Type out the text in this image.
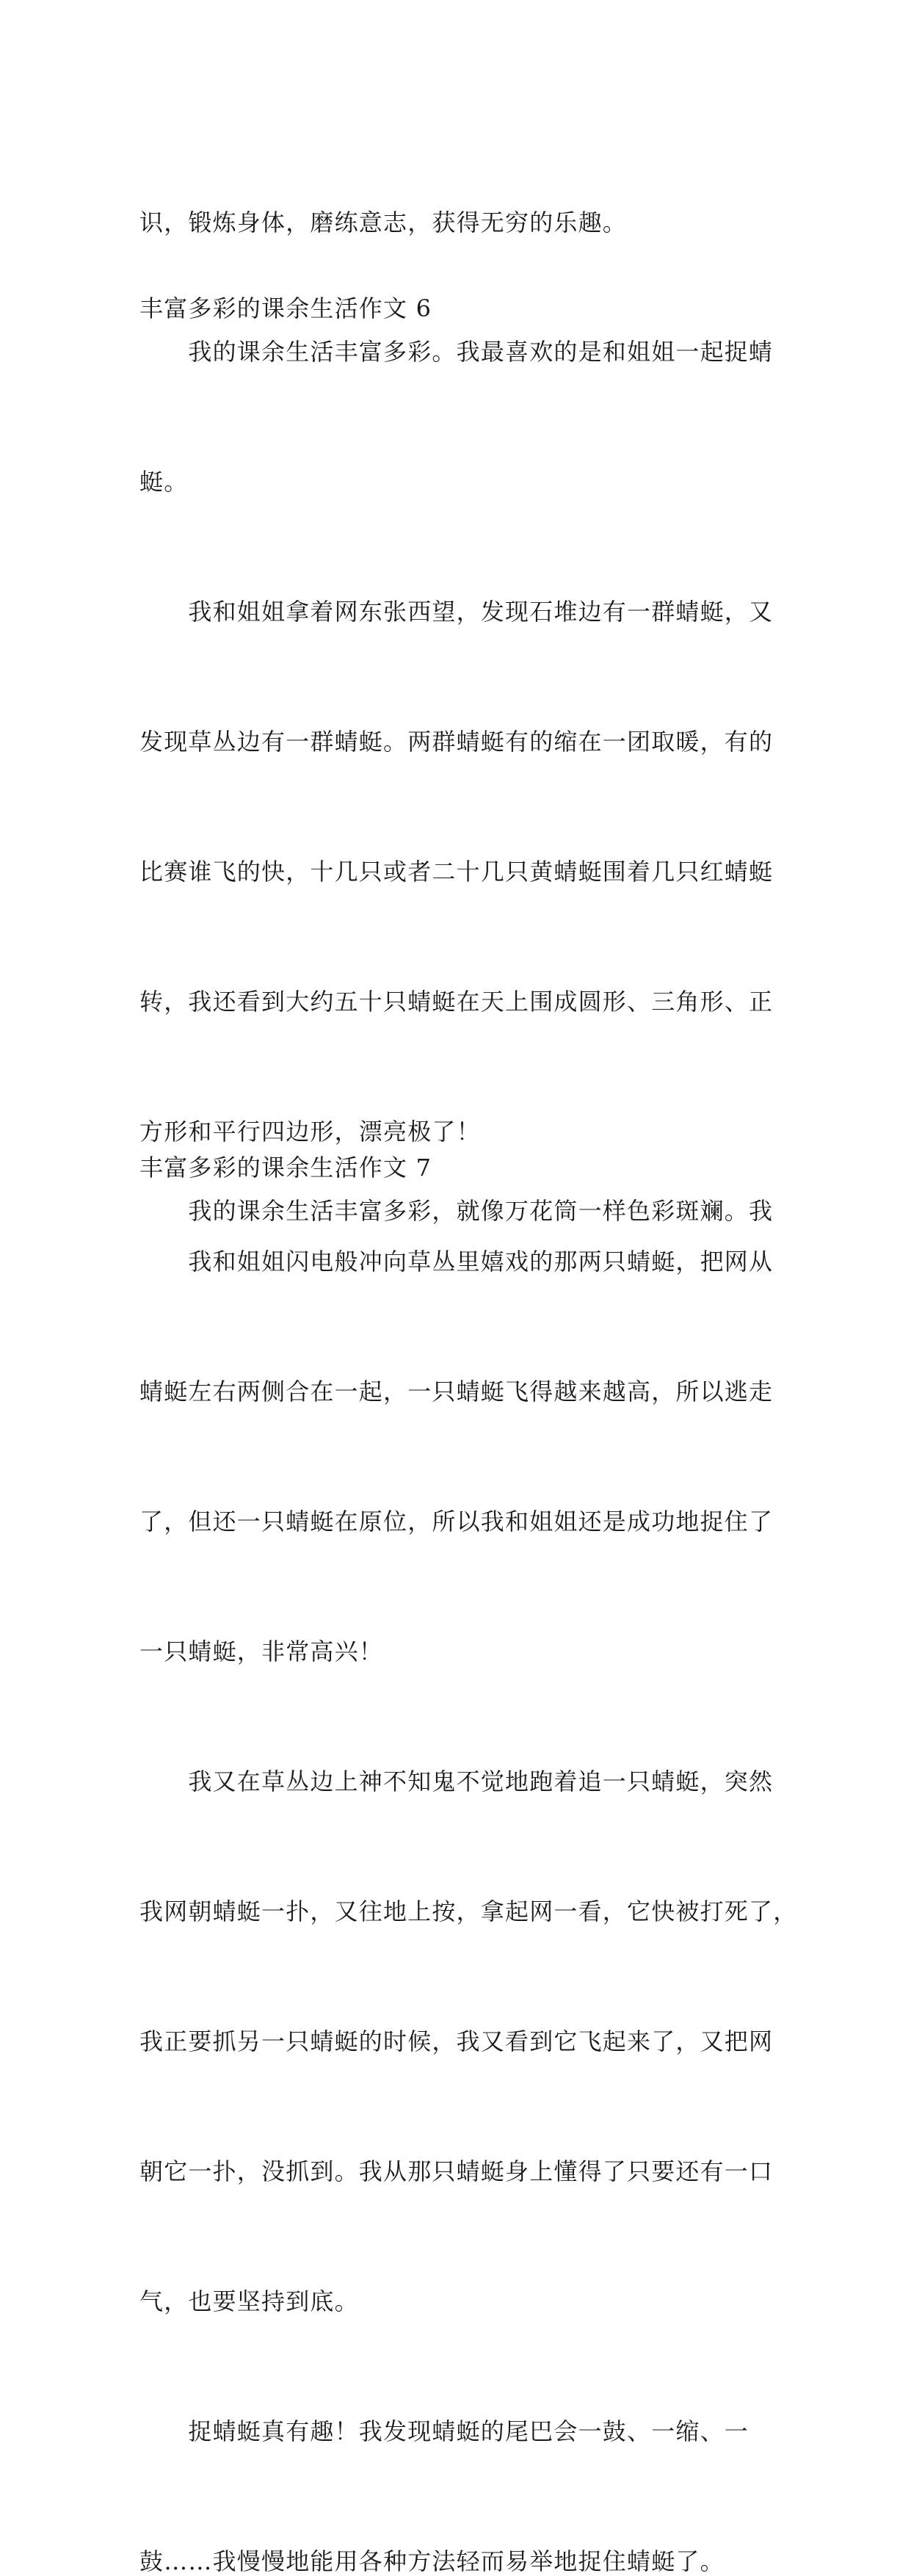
识，锻炼身体，磨练意志，获得无穷的乐趣。

丰富多彩的课余生活作文 6

　　我的课余生活丰富多彩。我最喜欢的是和姐姐一起捉蜻

蜓。

　　我和姐姐拿着网东张西望，发现石堆边有一群蜻蜓，又

发现草丛边有一群蜻蜓。两群蜻蜓有的缩在一团取暖，有的

比赛谁飞的快，十几只或者二十几只黄蜻蜓围着几只红蜻蜓

转，我还看到大约五十只蜻蜓在天上围成圆形、三角形、正

方形和平行四边形，漂亮极了！

　　我和姐姐闪电般冲向草丛里嬉戏的那两只蜻蜓，把网从

蜻蜓左右两侧合在一起，一只蜻蜓飞得越来越高，所以逃走

了，但还一只蜻蜓在原位，所以我和姐姐还是成功地捉住了

一只蜻蜓，非常高兴！

　　我又在草丛边上神不知鬼不觉地跑着追一只蜻蜓，突然

我网朝蜻蜓一扑，又往地上按，拿起网一看，它快被打死了，

我正要抓另一只蜻蜓的时候，我又看到它飞起来了，又把网

朝它一扑，没抓到。我从那只蜻蜓身上懂得了只要还有一口

气，也要坚持到底。

　　捉蜻蜓真有趣！我发现蜻蜓的尾巴会一鼓、一缩、一

鼓……我慢慢地能用各种方法轻而易举地捉住蜻蜓了。

丰富多彩的课余生活作文 7

　　我的课余生活丰富多彩，就像万花筒一样色彩斑斓。我
